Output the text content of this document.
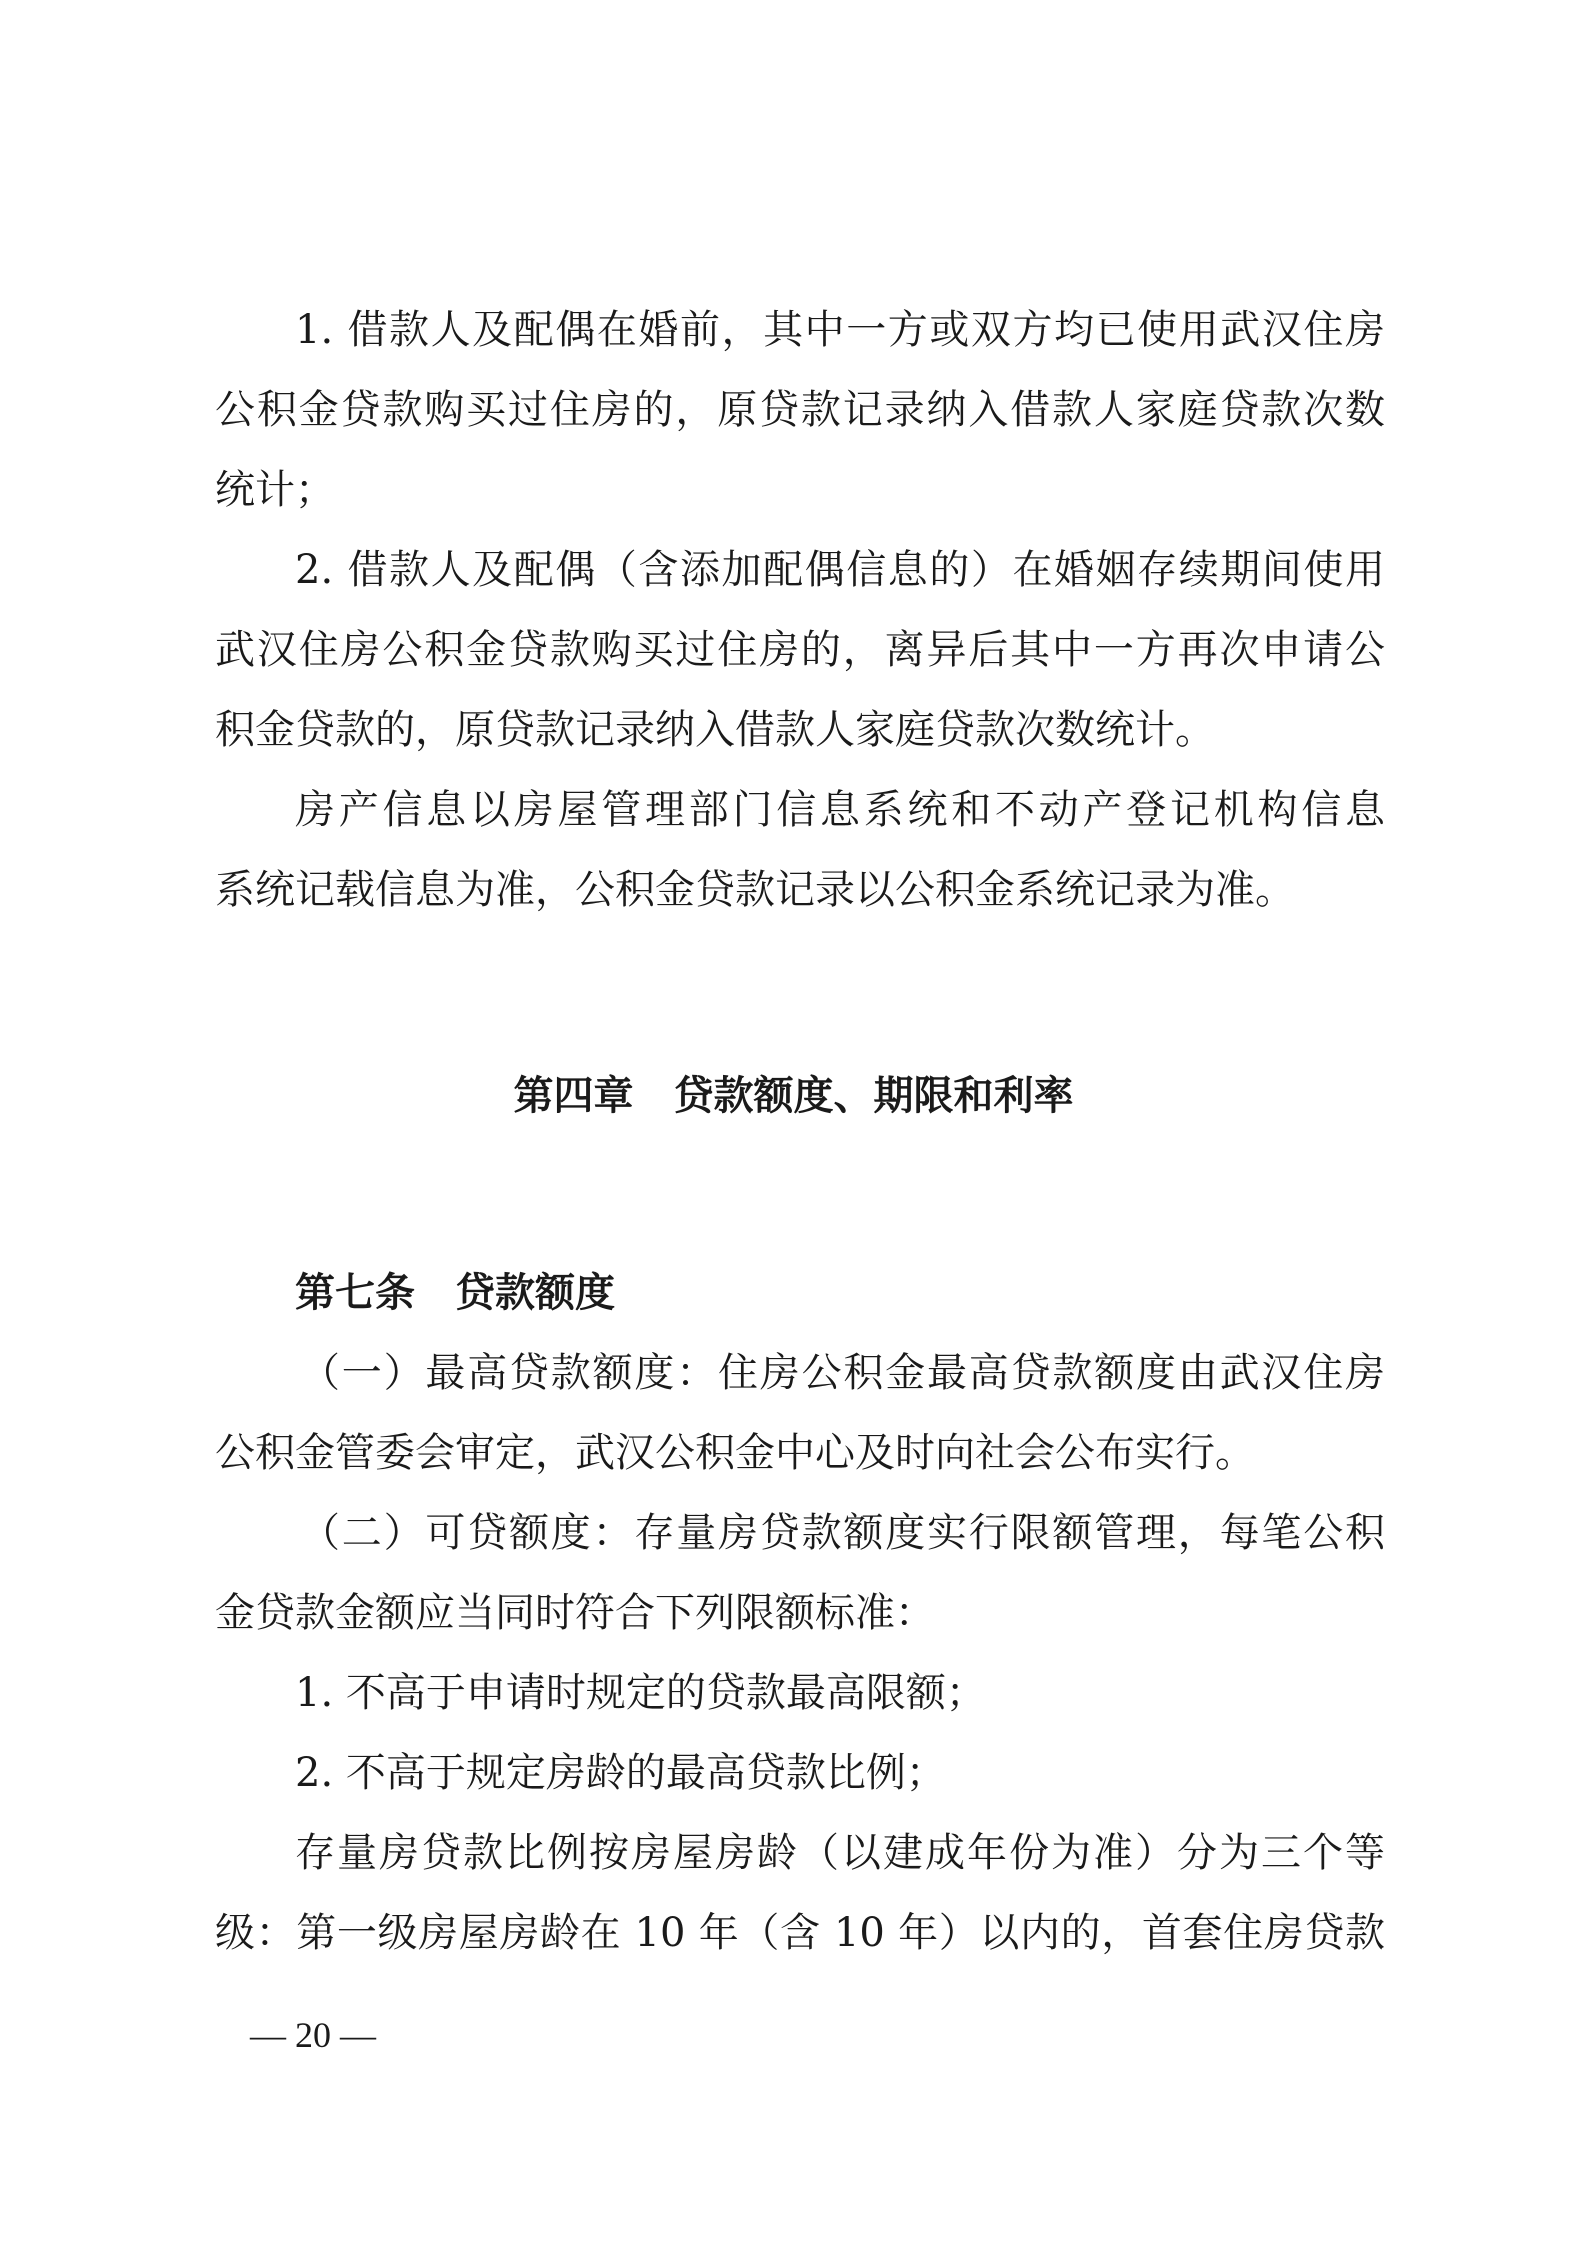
1. 借款人及配偶在婚前，其中一方或双方均已使用武汉住房
公积金贷款购买过住房的，原贷款记录纳入借款人家庭贷款次数
统计；
2. 借款人及配偶（含添加配偶信息的）在婚姻存续期间使用
武汉住房公积金贷款购买过住房的，离异后其中一方再次申请公
积金贷款的，原贷款记录纳入借款人家庭贷款次数统计。
房产信息以房屋管理部门信息系统和不动产登记机构信息
系统记载信息为准，公积金贷款记录以公积金系统记录为准。
第四章　贷款额度、期限和利率
第七条　贷款额度
（一）最高贷款额度：住房公积金最高贷款额度由武汉住房
公积金管委会审定，武汉公积金中心及时向社会公布实行。
（二）可贷额度：存量房贷款额度实行限额管理，每笔公积
金贷款金额应当同时符合下列限额标准：
1. 不高于申请时规定的贷款最高限额；
2. 不高于规定房龄的最高贷款比例；
存量房贷款比例按房屋房龄（以建成年份为准）分为三个等
级：第一级房屋房龄在 10 年（含 10 年）以内的，首套住房贷款
— 20 —
